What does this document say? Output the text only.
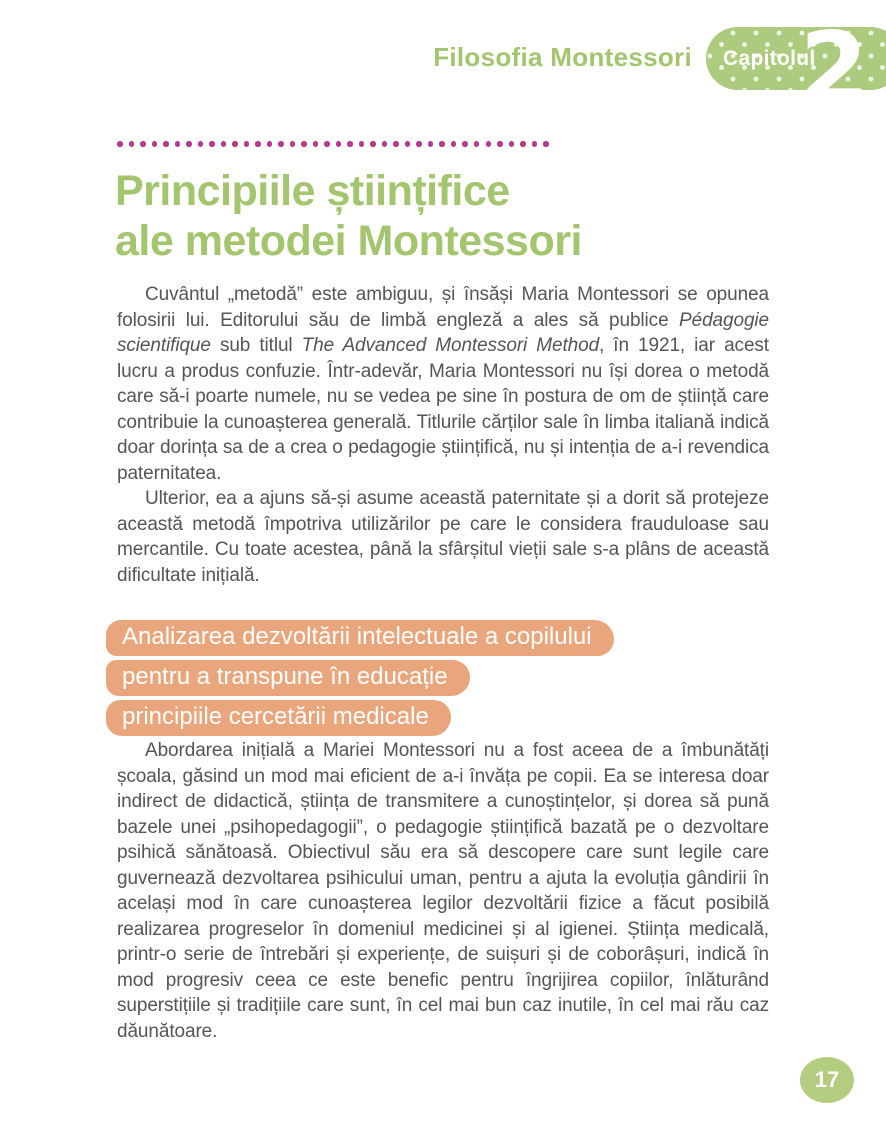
Filosofia Montessori Capitolul
2
Principiile științifice
ale metodei Montessori

Cuvântul „metodă” este ambiguu, și însăși Maria Montessori se opunea folosirii lui. Editorului său de limbă engleză a ales să publice Pédagogie scientifique sub titlul The Advanced Montessori Method, în 1921, iar acest lucru a produs confuzie. Într-adevăr, Maria Montessori nu își dorea o metodă care să-i poarte numele, nu se vedea pe sine în postura de om de știință care contribuie la cunoașterea generală. Titlurile cărților sale în limba italiană indică doar dorința sa de a crea o pedagogie științifică, nu și intenția de a-i revendica paternitatea.

Ulterior, ea a ajuns să-și asume această paternitate și a dorit să protejeze această metodă împotriva utilizărilor pe care le considera frauduloase sau mercantile. Cu toate acestea, până la sfârșitul vieții sale s-a plâns de această dificultate inițială.

Analizarea dezvoltării intelectuale a copilului
pentru a transpune în educație
principiile cercetării medicale

Abordarea inițială a Mariei Montessori nu a fost aceea de a îmbunătăți școala, găsind un mod mai eficient de a-i învăța pe copii. Ea se interesa doar indirect de didactică, știința de transmitere a cunoștințelor, și dorea să pună bazele unei „psihopedagogii”, o pedagogie științifică bazată pe o dezvoltare psihică sănătoasă. Obiectivul său era să descopere care sunt legile care guvernează dezvoltarea psihicului uman, pentru a ajuta la evoluția gândirii în același mod în care cunoașterea legilor dezvoltării fizice a făcut posibilă realizarea progreselor în domeniul medicinei și al igienei. Știința medicală, printr-o serie de întrebări și experiențe, de suișuri și de coborâșuri, indică în mod progresiv ceea ce este benefic pentru îngrijirea copiilor, înlăturând superstițiile și tradițiile care sunt, în cel mai bun caz inutile, în cel mai rău caz dăunătoare.

17
